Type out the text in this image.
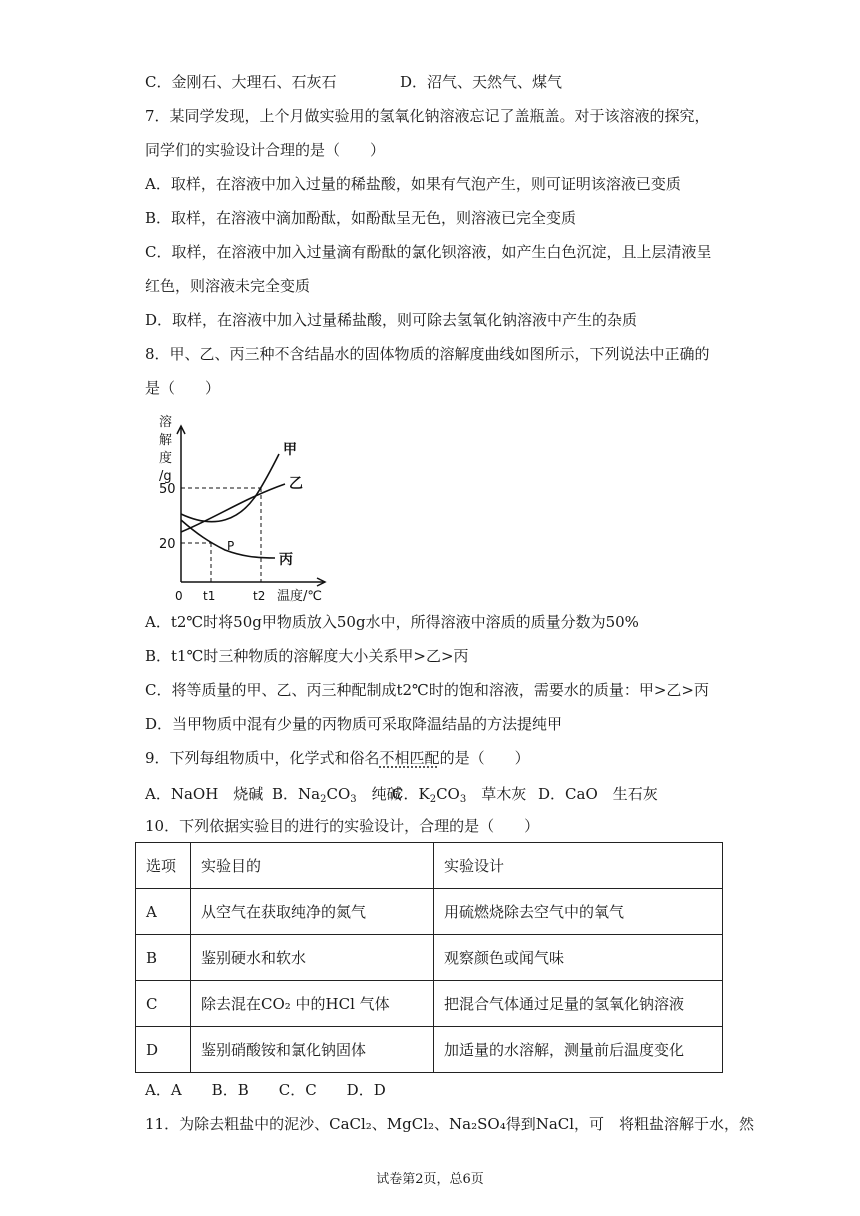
C．金刚石、大理石、石灰石	D．沼气、天然气、煤气
7．某同学发现，上个月做实验用的氢氧化钠溶液忘记了盖瓶盖。对于该溶液的探究，
同学们的实验设计合理的是（　　）
A．取样，在溶液中加入过量的稀盐酸，如果有气泡产生，则可证明该溶液已变质
B．取样，在溶液中滴加酚酞，如酚酞呈无色，则溶液已完全变质
C．取样，在溶液中加入过量滴有酚酞的氯化钡溶液，如产生白色沉淀，且上层清液呈
红色，则溶液未完全变质
D．取样，在溶液中加入过量稀盐酸，则可除去氢氧化钠溶液中产生的杂质
8．甲、乙、丙三种不含结晶水的固体物质的溶解度曲线如图所示，下列说法中正确的
是（　　）
溶
解
度
/g
甲
乙
丙
50
20	P
0 t1	t2 温度/℃
A．t2℃时将50g甲物质放入50g水中，所得溶液中溶质的质量分数为50%
B．t1℃时三种物质的溶解度大小关系甲>乙>丙
C．将等质量的甲、乙、丙三种配制成t2℃时的饱和溶液，需要水的质量：甲>乙>丙
D．当甲物质中混有少量的丙物质可采取降温结晶的方法提纯甲
9．下列每组物质中，化学式和俗名不相匹配的是（　　）
A．NaOH　烧碱 B．$Na_2CO_3$　纯碱
C．$K_2CO_3$　草木灰 D．CaO　生石灰
10．下列依据实验目的进行的实验设计，合理的是（　　）
选项	实验目的	实验设计
A	从空气在获取纯净的氮气	用硫燃烧除去空气中的氧气
B	鉴别硬水和软水	观察颜色或闻气味
C	除去混在CO₂ 中的HCl 气体	把混合气体通过足量的氢氧化钠溶液
D	鉴别硝酸铵和氯化钠固体	加适量的水溶解，测量前后温度变化
A．A　　B．B　　C．C　　D．D
11．为除去粗盐中的泥沙、CaCl₂、MgCl₂、Na₂SO₄得到NaCl，可　将粗盐溶解于水，然
试卷第2页，总6页
